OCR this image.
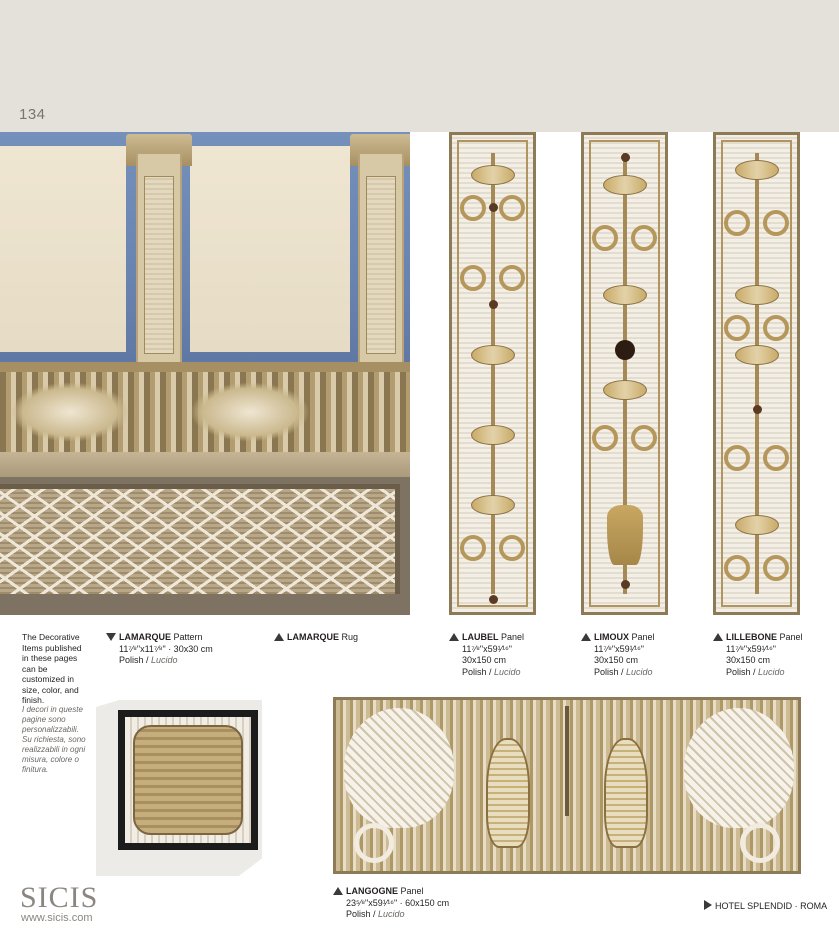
134
The Decorative Items published in these pages can be customized in size, color, and finish.
I decori in queste pagine sono personalizzabili. Su richiesta, sono realizzabili in ogni misura, colore o finitura.
LAMARQUE Pattern
11⁷⁄⁸"x11⁷⁄⁸" · 30x30 cm
Polish / Lucido
LAMARQUE Rug	LAUBEL Panel
11⁷⁄⁸"x59¹⁄¹⁶"
30x150 cm
Polish / Lucido
LIMOUX Panel
11⁷⁄⁸"x59¹⁄¹⁶"
30x150 cm
Polish / Lucido
LILLEBONE Panel
11⁷⁄⁸"x59¹⁄¹⁶"
30x150 cm
Polish / Lucido
LANGOGNE Panel
23⁵⁄⁸"x59¹⁄¹⁶" · 60x150 cm
Polish / Lucido
HOTEL SPLENDID · ROMA
SICIS
www.sicis.com
